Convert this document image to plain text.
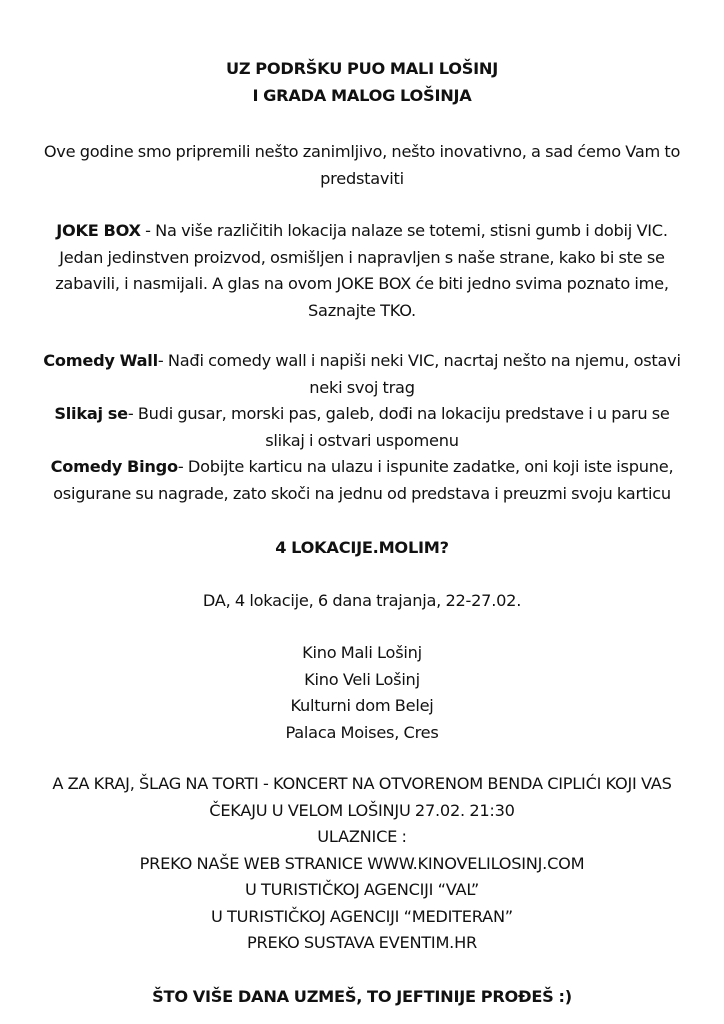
UZ PODRŠKU PUO MALI LOŠINJ
I GRADA MALOG LOŠINJA
Ove godine smo pripremili nešto zanimljivo, nešto inovativno, a sad ćemo Vam to
predstaviti
JOKE BOX - Na više različitih lokacija nalaze se totemi, stisni gumb i dobij VIC.
Jedan jedinstven proizvod, osmišljen i napravljen s naše strane, kako bi ste se
zabavili, i nasmijali. A glas na ovom JOKE BOX će biti jedno svima poznato ime,
Saznajte TKO.
Comedy Wall- Nađi comedy wall i napiši neki VIC, nacrtaj nešto na njemu, ostavi
neki svoj trag
Slikaj se- Budi gusar, morski pas, galeb, dođi na lokaciju predstave i u paru se
slikaj i ostvari uspomenu
Comedy Bingo- Dobijte karticu na ulazu i ispunite zadatke, oni koji iste ispune,
osigurane su nagrade, zato skoči na jednu od predstava i preuzmi svoju karticu
4 LOKACIJE.MOLIM?
DA, 4 lokacije, 6 dana trajanja, 22-27.02.
Kino Mali Lošinj
Kino Veli Lošinj
Kulturni dom Belej
Palaca Moises, Cres
A ZA KRAJ, ŠLAG NA TORTI - KONCERT NA OTVORENOM BENDA CIPLIĆI KOJI VAS
ČEKAJU U VELOM LOŠINJU 27.02. 21:30
ULAZNICE :
PREKO NAŠE WEB STRANICE WWW.KINOVELILOSINJ.COM
U TURISTIČKOJ AGENCIJI “VAL”
U TURISTIČKOJ AGENCIJI “MEDITERAN”
PREKO SUSTAVA EVENTIM.HR
ŠTO VIŠE DANA UZMEŠ, TO JEFTINIJE PROĐEŠ :)
